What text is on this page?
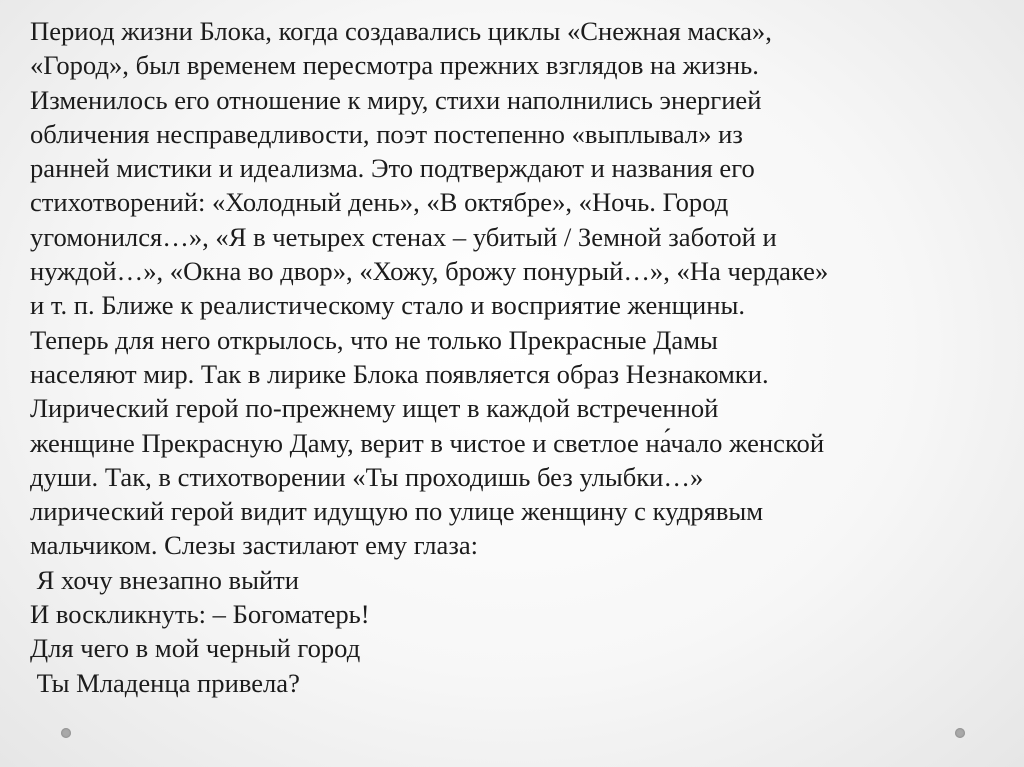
Период жизни Блока, когда создавались циклы «Снежная маска»,
«Город», был временем пересмотра прежних взглядов на жизнь.
Изменилось его отношение к миру, стихи наполнились энергией
обличения несправедливости, поэт постепенно «выплывал» из
ранней мистики и идеализма. Это подтверждают и названия его
стихотворений: «Холодный день», «В октябре», «Ночь. Город
угомонился…», «Я в четырех стенах – убитый / Земной заботой и
нуждой…», «Окна во двор», «Хожу, брожу понурый…», «На чердаке»
и т. п. Ближе к реалистическому стало и восприятие женщины.
Теперь для него открылось, что не только Прекрасные Дамы
населяют мир. Так в лирике Блока появляется образ Незнакомки.
Лирический герой по-прежнему ищет в каждой встреченной
женщине Прекрасную Даму, верит в чистое и светлое на́чало женской
души. Так, в стихотворении «Ты проходишь без улыбки…»
лирический герой видит идущую по улице женщину с кудрявым
мальчиком. Слезы застилают ему глаза:
Я хочу внезапно выйти
И воскликнуть: – Богоматерь!
Для чего в мой черный город
Ты Младенца привела?
